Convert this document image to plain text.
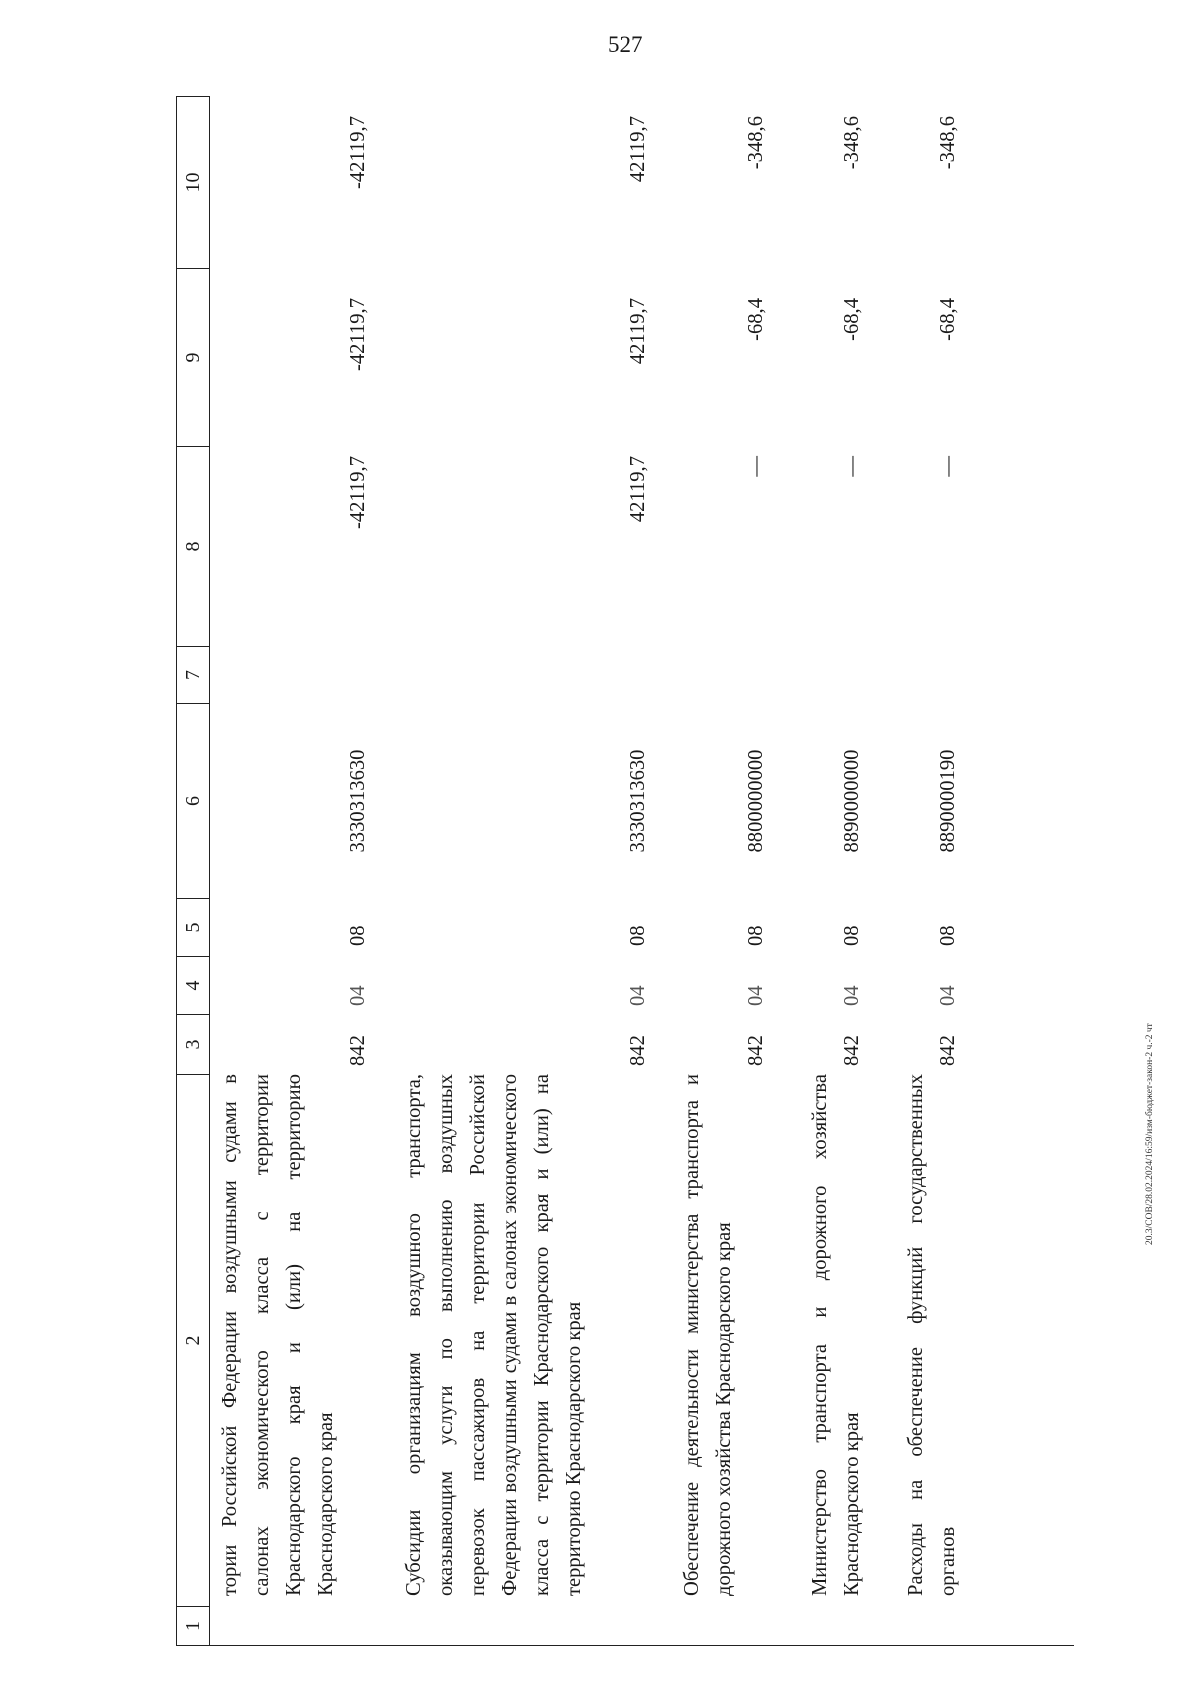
527
20.3/СОВ/28.02.2024/16:59/изм-бюджет-закон-2 ч.-2 чт
1
2
3
4
5
6
7
8
9
10
тории Российской Федерации воздушными судами в салонах экономического класса с территории Краснодарского края и (или) на территорию Краснодарского края
842
04
08
3330313630
-42119,7
-42119,7
-42119,7
Субсидии организациям воздушного транспорта, оказывающим услуги по выполнению воздушных перевозок пассажиров на территории Российской Федерации воздушными судами в салонах экономического класса с территории Краснодарского края и (или) на территорию Краснодарского края
842
04
08
3330313630
42119,7
42119,7
42119,7
Обеспечение деятельности министерства транспорта и дорожного хозяйства Краснодарского края
842
04
08
8800000000
—
-68,4
-348,6
Министерство транспорта и дорожного хозяйства Краснодарского края
842
04
08
8890000000
—
-68,4
-348,6
Расходы на обеспечение функций государственных органов
842
04
08
8890000190
—
-68,4
-348,6
